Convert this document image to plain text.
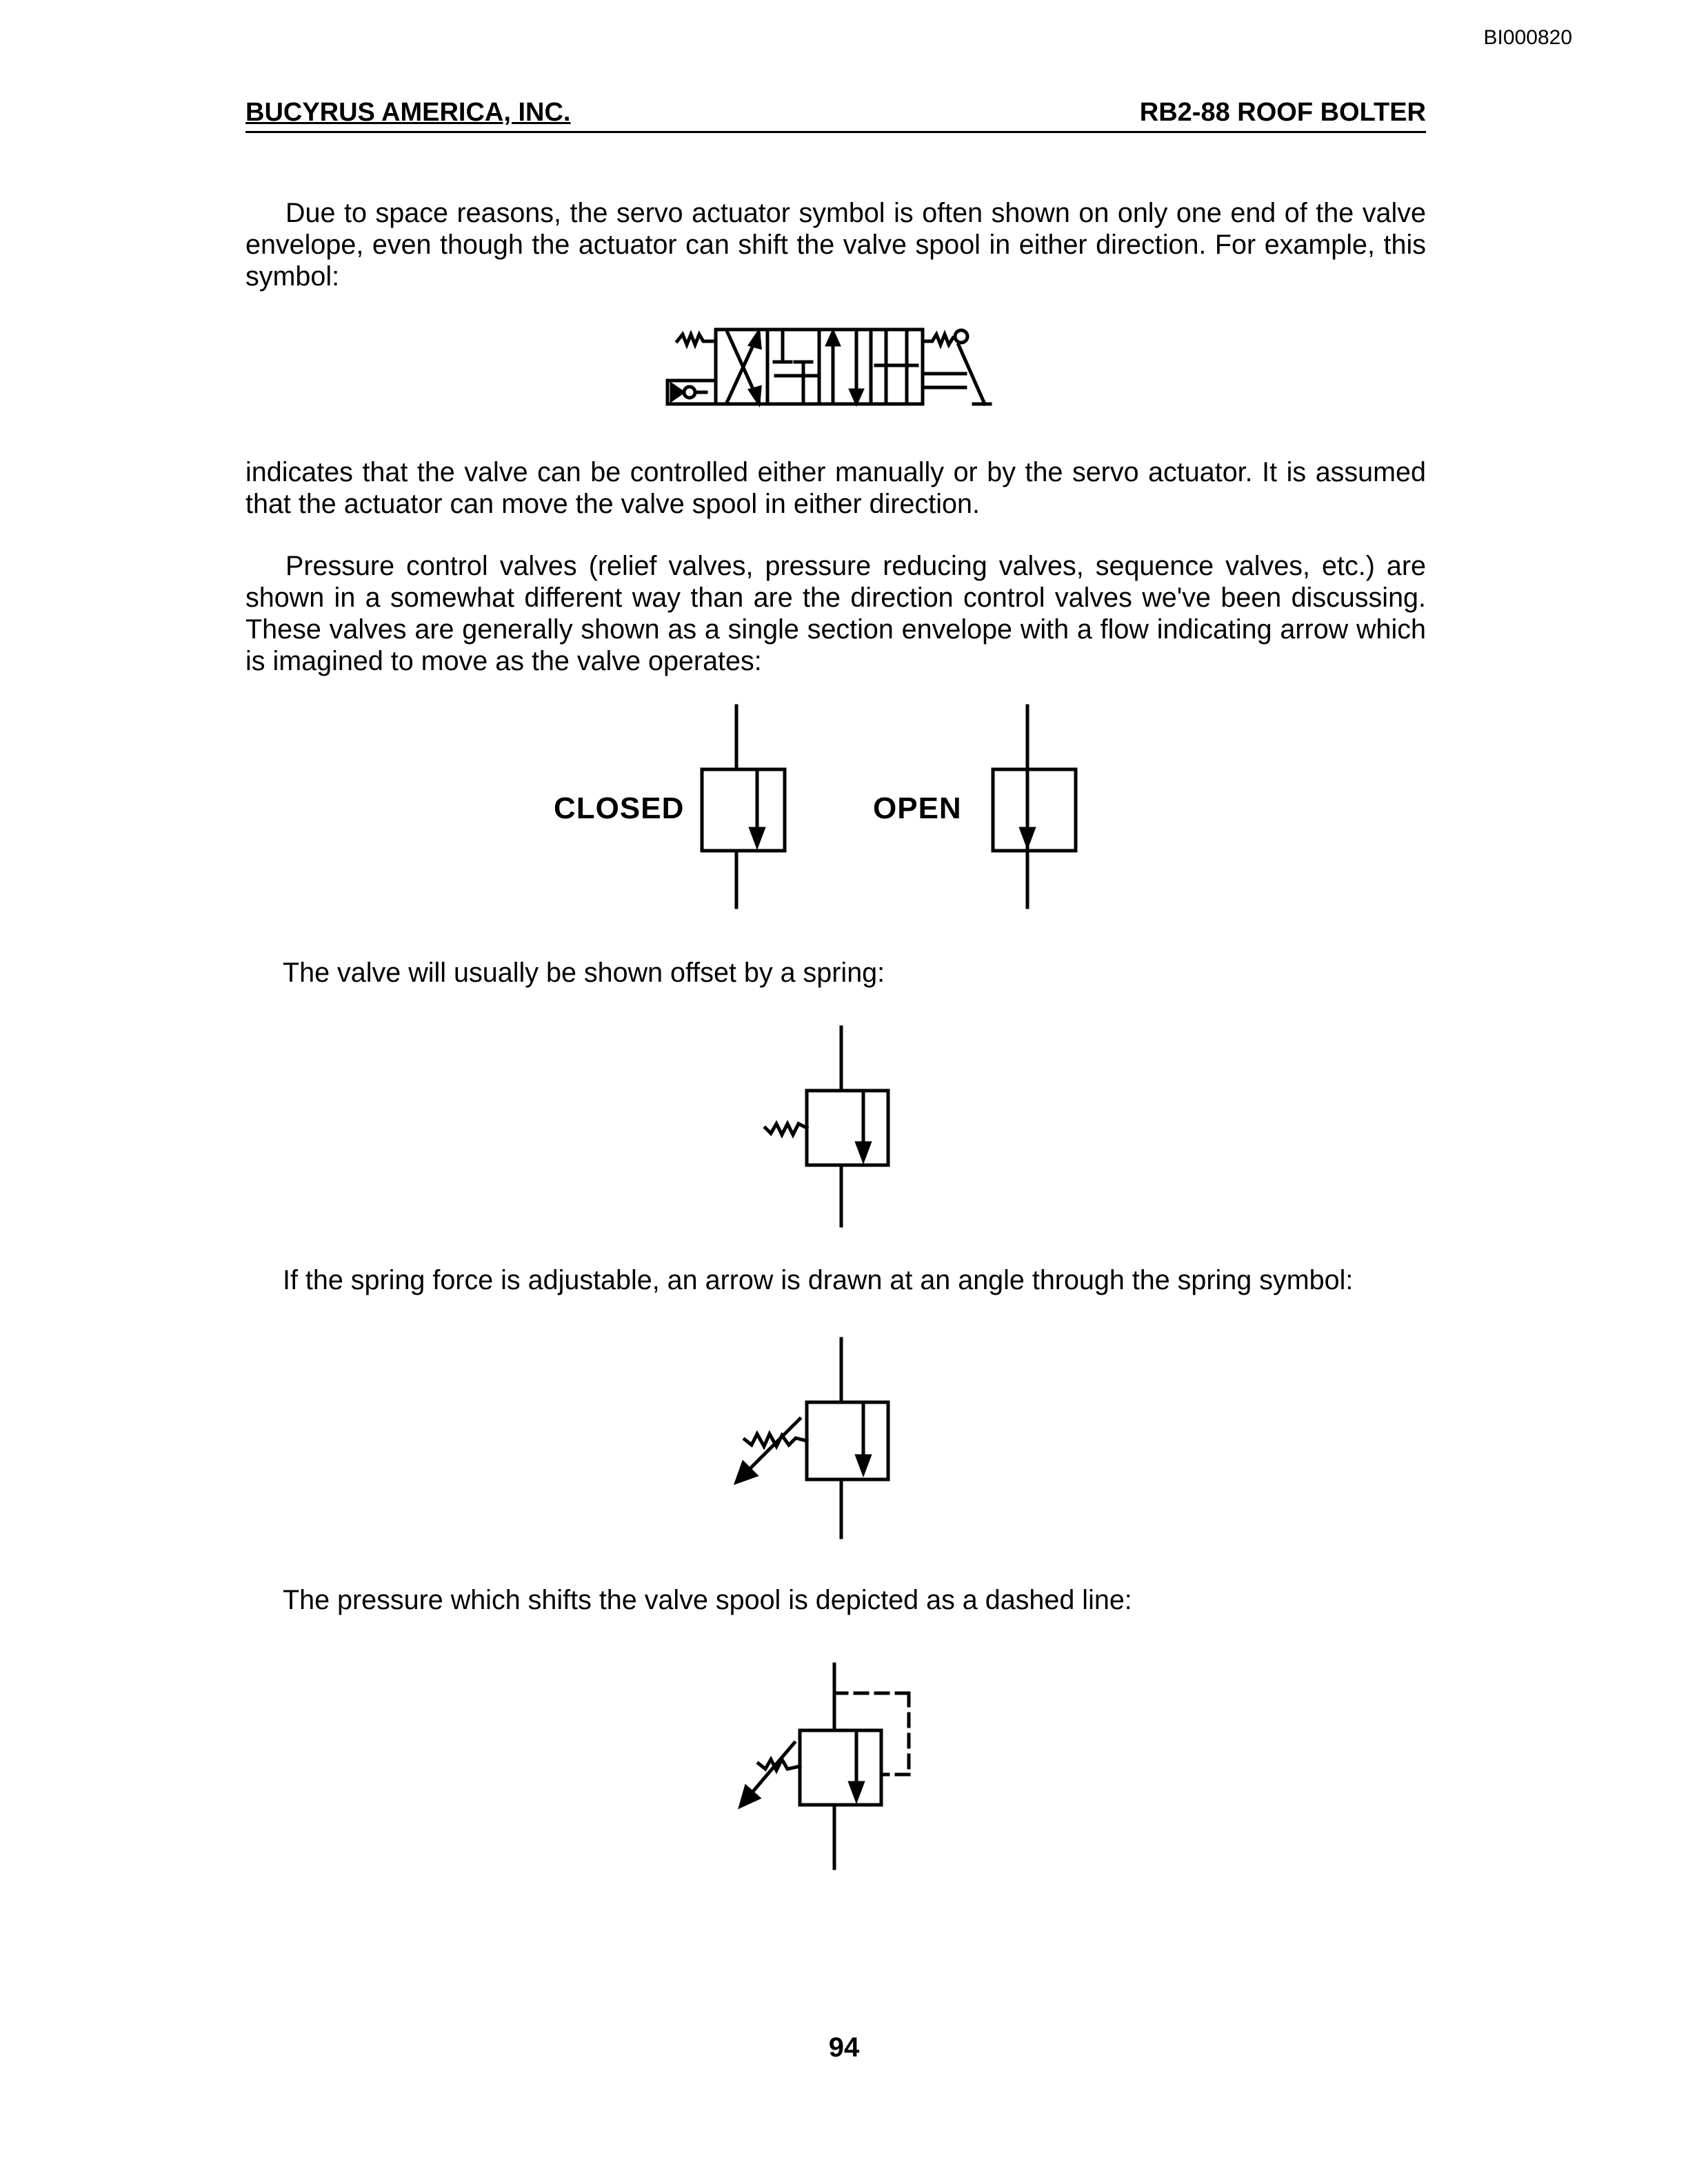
BI000820
BUCYRUS AMERICA, INC.	RB2-88 ROOF BOLTER

Due to space reasons, the servo actuator symbol is often shown on only one end of the valve envelope, even though the actuator can shift the valve spool in either direction. For example, this symbol:

indicates that the valve can be controlled either manually or by the servo actuator. It is assumed that the actuator can move the valve spool in either direction.

Pressure control valves (relief valves, pressure reducing valves, sequence valves, etc.) are shown in a somewhat different way than are the direction control valves we've been discussing. These valves are generally shown as a single section envelope with a flow indicating arrow which is imagined to move as the valve operates:

CLOSED	OPEN

The valve will usually be shown offset by a spring:

If the spring force is adjustable, an arrow is drawn at an angle through the spring symbol:

The pressure which shifts the valve spool is depicted as a dashed line:

94
